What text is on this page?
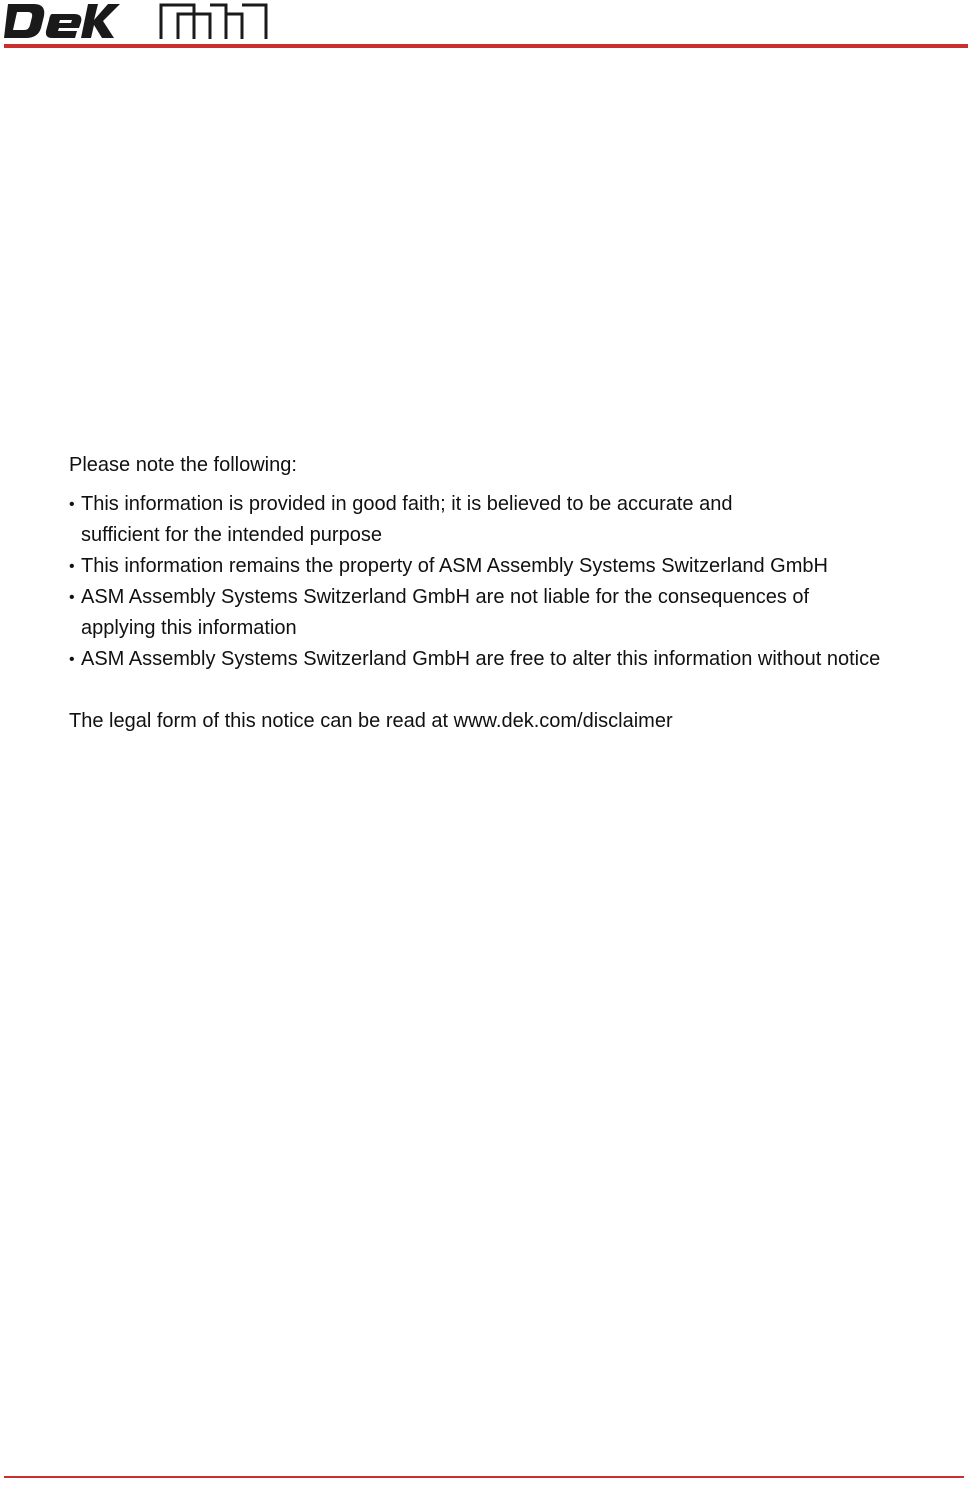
DEK
ASM

Please note the following:

• This information is provided in good faith; it is believed to be accurate and sufficient for the intended purpose
• This information remains the property of ASM Assembly Systems Switzerland GmbH
• ASM Assembly Systems Switzerland GmbH are not liable for the consequences of applying this information
• ASM Assembly Systems Switzerland GmbH are free to alter this information without notice

The legal form of this notice can be read at www.dek.com/disclaimer
